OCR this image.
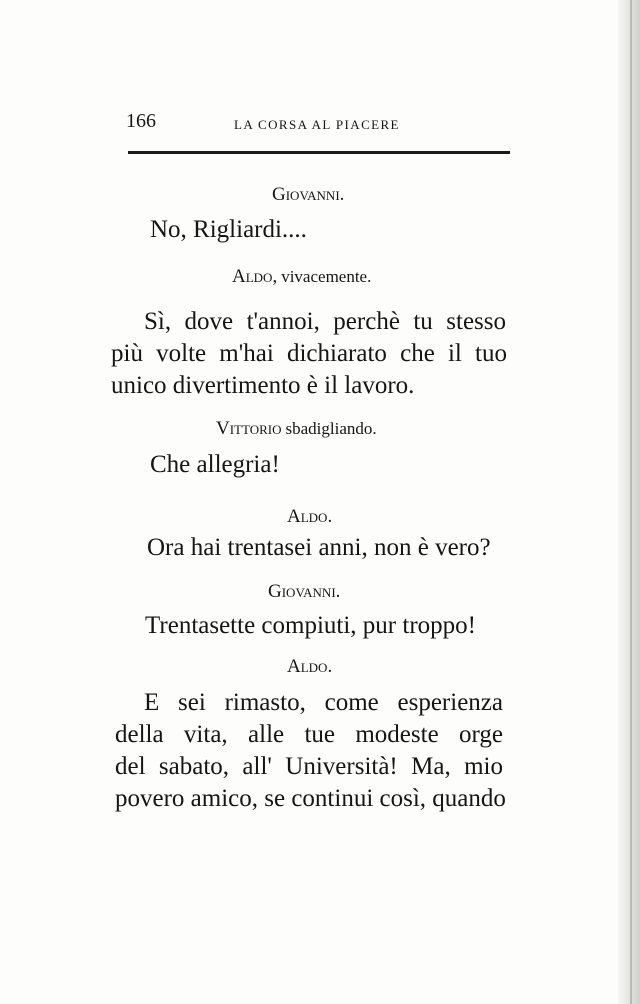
166	LA CORSA AL PIACERE
Giovanni.
No, Rigliardi....
Aldo, vivacemente.
Sì, dove t'annoi, perchè tu stesso
più volte m'hai dichiarato che il tuo
unico divertimento è il lavoro.
Vittorio sbadigliando.
Che allegria!
Aldo.
Ora hai trentasei anni, non è vero?
Giovanni.
Trentasette compiuti, pur troppo!
Aldo.
E sei rimasto, come esperienza
della vita, alle tue modeste orge
del sabato, all' Università! Ma, mio
povero amico, se continui così, quando
